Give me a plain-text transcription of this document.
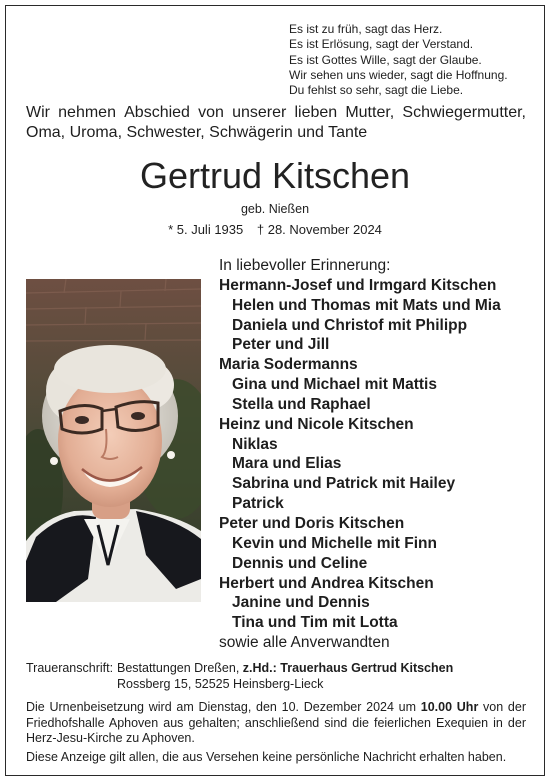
Es ist zu früh, sagt das Herz.
Es ist Erlösung, sagt der Verstand.
Es ist Gottes Wille, sagt der Glaube.
Wir sehen uns wieder, sagt die Hoffnung.
Du fehlst so sehr, sagt die Liebe.
Wir nehmen Abschied von unserer lieben Mutter, Schwiegermutter,
Oma, Uroma, Schwester, Schwägerin und Tante
Gertrud Kitschen
geb. Nießen
* 5. Juli 1935 † 28. November 2024
In liebevoller Erinnerung:
Hermann-Josef und Irmgard Kitschen
Helen und Thomas mit Mats und Mia
Daniela und Christof mit Philipp
Peter und Jill
Maria Sodermanns
Gina und Michael mit Mattis
Stella und Raphael
Heinz und Nicole Kitschen
Niklas
Mara und Elias
Sabrina und Patrick mit Hailey
Patrick
Peter und Doris Kitschen
Kevin und Michelle mit Finn
Dennis und Celine
Herbert und Andrea Kitschen
Janine und Dennis
Tina und Tim mit Lotta
sowie alle Anverwandten
Traueranschrift: Bestattungen Dreßen, z.Hd.: Trauerhaus Gertrud Kitschen
Rossberg 15, 52525 Heinsberg-Lieck

Die Urnenbeisetzung wird am Dienstag, den 10. Dezember 2024 um 10.00 Uhr von der Friedhofshalle Aphoven aus gehalten; anschließend sind die feierlichen Exequien in der Herz-Jesu-Kirche zu Aphoven.

Diese Anzeige gilt allen, die aus Versehen keine persönliche Nachricht erhalten haben.
